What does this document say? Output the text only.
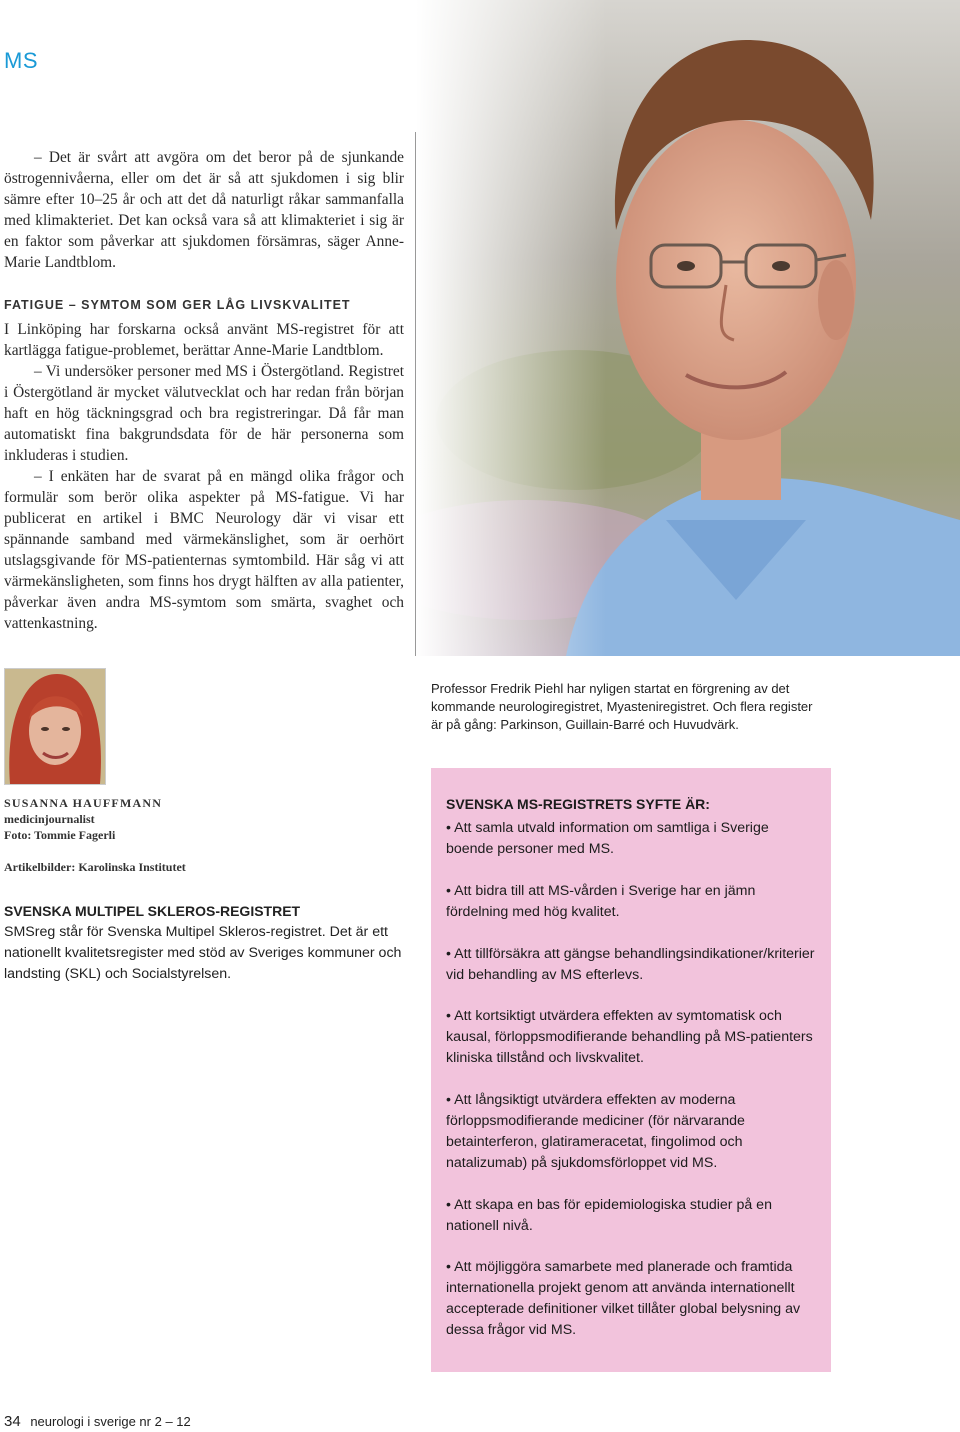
MS

– Det är svårt att avgöra om det beror på de sjunkande östrogennivåerna, eller om det är så att sjukdomen i sig blir sämre efter 10–25 år och att det då naturligt råkar sammanfalla med klimakteriet. Det kan också vara så att klimakteriet i sig är en faktor som påverkar att sjukdomen försämras, säger Anne-Marie Landtblom.

FATIGUE – SYMTOM SOM GER LÅG LIVSKVALITET

I Linköping har forskarna också använt MS-registret för att kartlägga fatigue-problemet, berättar Anne-Marie Landtblom.

– Vi undersöker personer med MS i Östergötland. Registret i Östergötland är mycket välutvecklat och har redan från början haft en hög täckningsgrad och bra registreringar. Då får man automatiskt fina bakgrundsdata för de här personerna som inkluderas i studien.

– I enkäten har de svarat på en mängd olika frågor och formulär som berör olika aspekter på MS-fatigue. Vi har publicerat en artikel i BMC Neurology där vi visar ett spännande samband med värmekänslighet, som är oerhört utslagsgivande för MS-patienternas symtombild. Här såg vi att värmekänsligheten, som finns hos drygt hälften av alla patienter, påverkar även andra MS-symtom som smärta, svaghet och vattenkastning.

SUSANNA HAUFFMANN
medicinjournalist
Foto: Tommie Fagerli
Artikelbilder: Karolinska Institutet
SVENSKA MULTIPEL SKLEROS-REGISTRET
SMSreg står för Svenska Multipel Skleros-registret. Det är ett nationellt kvalitetsregister med stöd av Sveriges kommuner och landsting (SKL) och Socialstyrelsen.
Professor Fredrik Piehl har nyligen startat en förgrening av det kommande neurologiregistret, Myasteniregistret. Och flera register är på gång: Parkinson, Guillain-Barré och Huvudvärk.
SVENSKA MS-REGISTRETS SYFTE ÄR:
• Att samla utvald information om samtliga i Sverige boende personer med MS.
• Att bidra till att MS-vården i Sverige har en jämn fördelning med hög kvalitet.
• Att tillförsäkra att gängse behandlingsindikationer/kriterier vid behandling av MS efterlevs.
• Att kortsiktigt utvärdera effekten av symtomatisk och kausal, förloppsmodifierande behandling på MS-patienters kliniska tillstånd och livskvalitet.
• Att långsiktigt utvärdera effekten av moderna förloppsmodifierande mediciner (för närvarande betainterferon, glatirameracetat, fingolimod och natalizumab) på sjukdomsförloppet vid MS.
• Att skapa en bas för epidemiologiska studier på en nationell nivå.
• Att möjliggöra samarbete med planerade och framtida internationella projekt genom att använda internationellt accepterade definitioner vilket tillåter global belysning av dessa frågor vid MS.
34 neurologi i sverige nr 2 – 12
